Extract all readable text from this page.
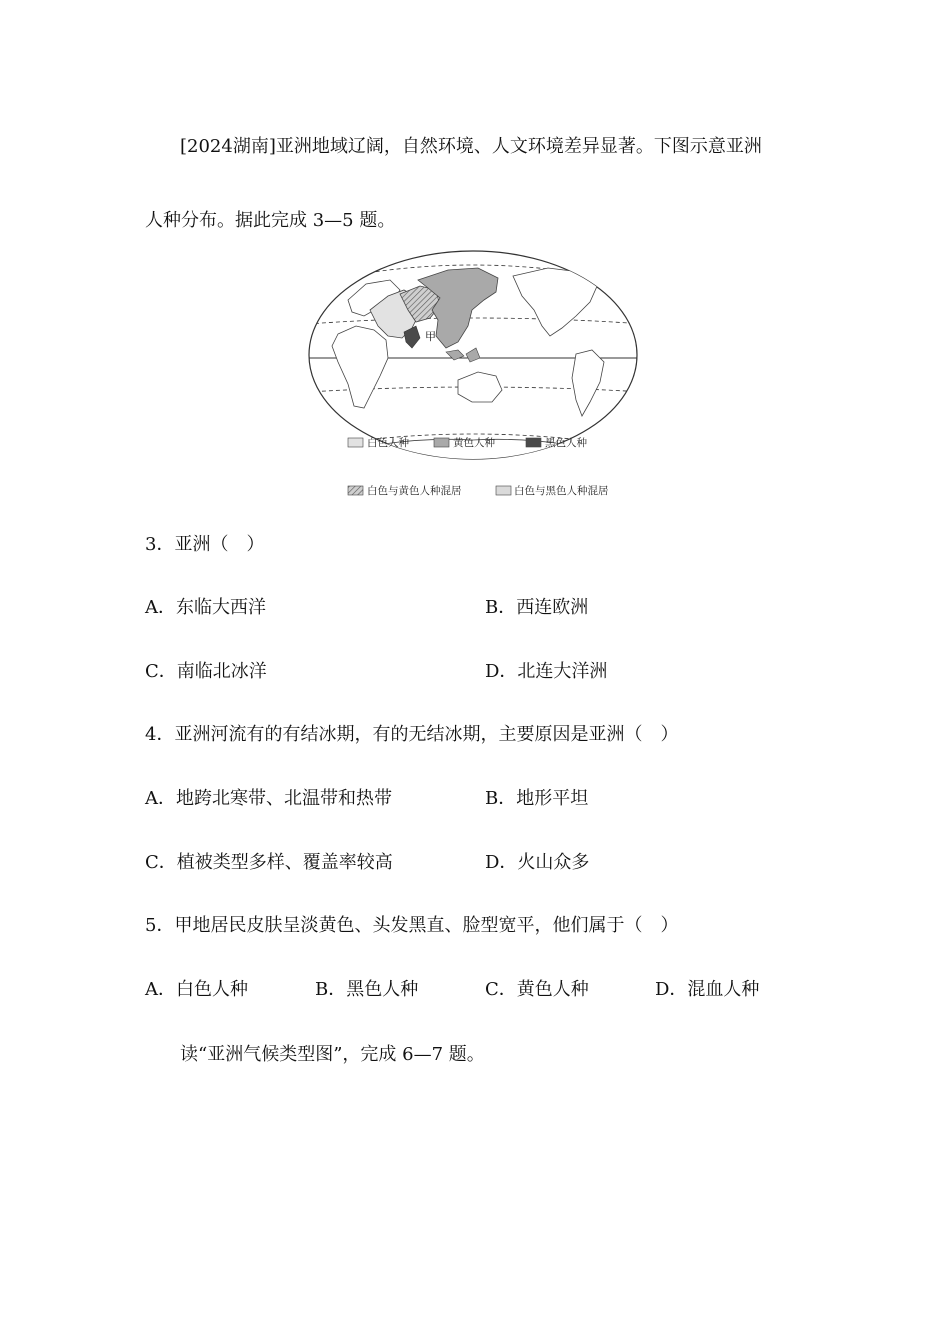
[2024湖南]亚洲地域辽阔，自然环境、人文环境差异显著。下图示意亚洲
人种分布。据此完成 3—5 题。
甲
白色人种	黄色人种	黑色人种
白色与黄色人种混居	白色与黑色人种混居
3．亚洲（　）
A．东临大西洋	B．西连欧洲
C．南临北冰洋	D．北连大洋洲
4．亚洲河流有的有结冰期，有的无结冰期，主要原因是亚洲（　）
A．地跨北寒带、北温带和热带	B．地形平坦
C．植被类型多样、覆盖率较高	D．火山众多
5．甲地居民皮肤呈淡黄色、头发黑直、脸型宽平，他们属于（　）
A．白色人种	B．黑色人种	C．黄色人种	D．混血人种
读“亚洲气候类型图”，完成 6—7 题。
